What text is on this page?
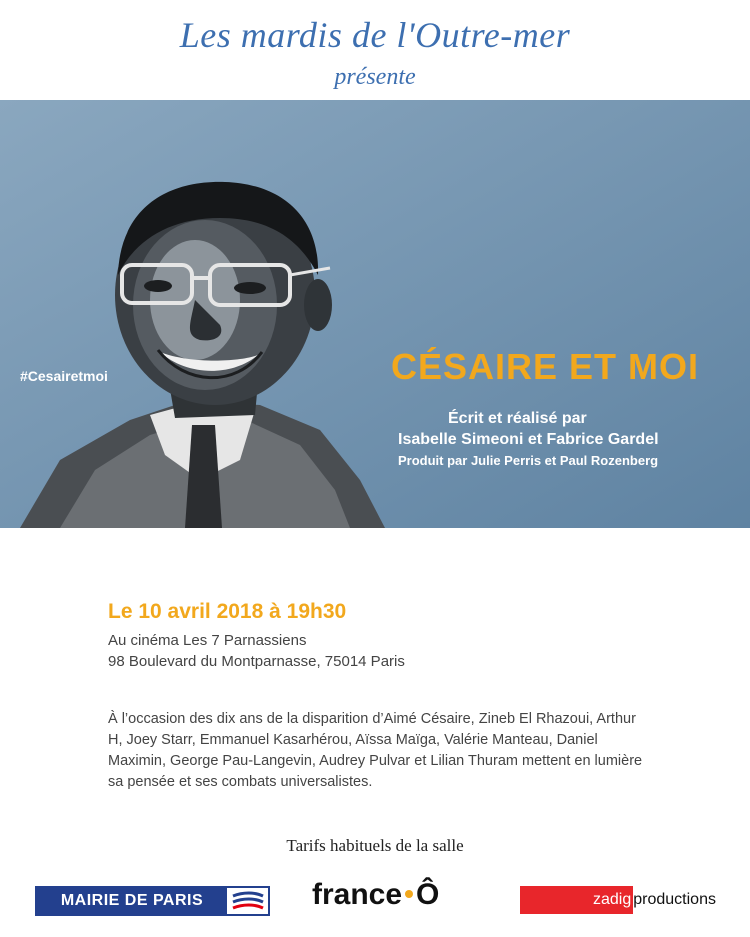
Les mardis de l'Outre-mer
présente
#Cesairetmoi	CÉSAIRE ET MOI
Écrit et réalisé par
Isabelle Simeoni et Fabrice Gardel
Produit par Julie Perris et Paul Rozenberg

Le 10 avril 2018 à 19h30

Au cinéma Les 7 Parnassiens

98 Boulevard du Montparnasse, 75014 Paris

À l’occasion des dix ans de la disparition d’Aimé Césaire, Zineb El Rhazoui, Arthur H, Joey Starr, Emmanuel Kasarhérou, Aïssa Maïga, Valérie Manteau, Daniel Maximin, George Pau-Langevin, Audrey Pulvar et Lilian Thuram mettent en lumière sa pensée et ses combats universalistes.

Tarifs habituels de la salle
MAIRIE DE PARIS	france Ô	zadig productions
